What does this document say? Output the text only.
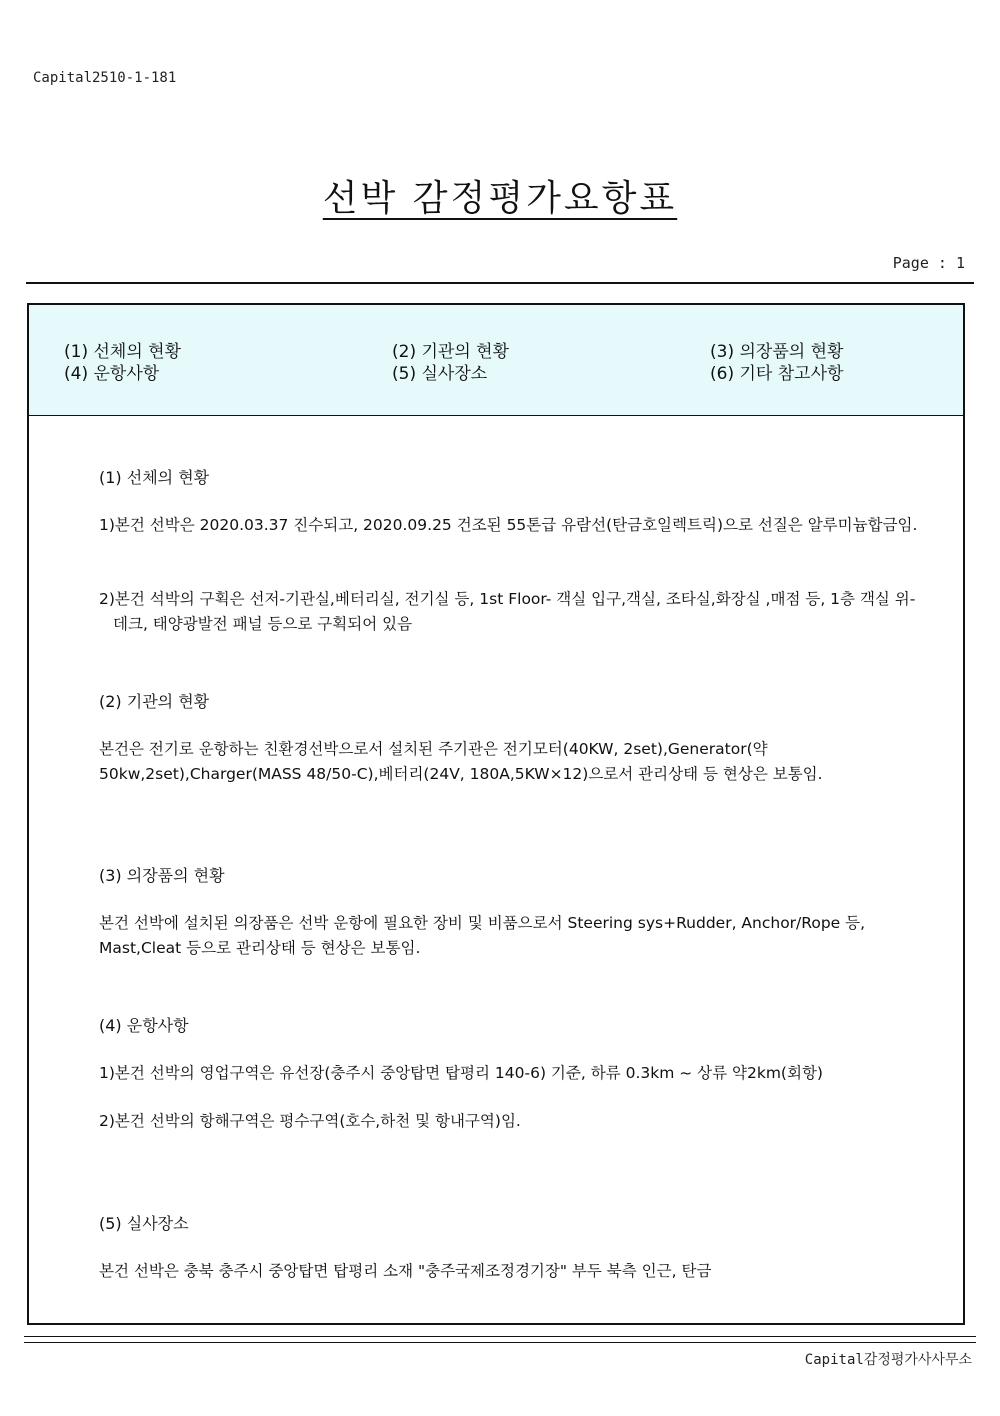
Capital2510-1-181
선박 감정평가요항표
Page : 1
(1) 선체의 현황	(2) 기관의 현황	(3) 의장품의 현황
(4) 운항사항	(5) 실사장소	(6) 기타 참고사항
(1) 선체의 현황

1)본건 선박은 2020.03.37 진수되고, 2020.09.25 건조된 55톤급 유람선(탄금호일렉트릭)으로 선질은 알루미늄합금임.

2)본건 석박의 구획은 선저-기관실,베터리실, 전기실 등, 1st Floor- 객실 입구,객실, 조타실,화장실 ,매점 등, 1층 객실 위-데크, 태양광발전 패널 등으로 구획되어 있음

(2) 기관의 현황

본건은 전기로 운항하는 친환경선박으로서 설치된 주기관은 전기모터(40KW, 2set),Generator(약50kw,2set),Charger(MASS 48/50-C),베터리(24V, 180A,5KW×12)으로서 관리상태 등 현상은 보통임.

(3) 의장품의 현황

본건 선박에 설치된 의장품은 선박 운항에 필요한 장비 및 비품으로서 Steering sys+Rudder, Anchor/Rope 등, Mast,Cleat 등으로 관리상태 등 현상은 보통임.

(4) 운항사항

1)본건 선박의 영업구역은 유선장(충주시 중앙탑면 탑평리 140-6) 기준, 하류 0.3km ~ 상류 약2km(회항)

2)본건 선박의 항해구역은 평수구역(호수,하천 및 항내구역)임.

(5) 실사장소

본건 선박은 충북 충주시 중앙탑면 탑평리 소재 "충주국제조정경기장" 부두 북측 인근, 탄금

Capital감정평가사사무소
